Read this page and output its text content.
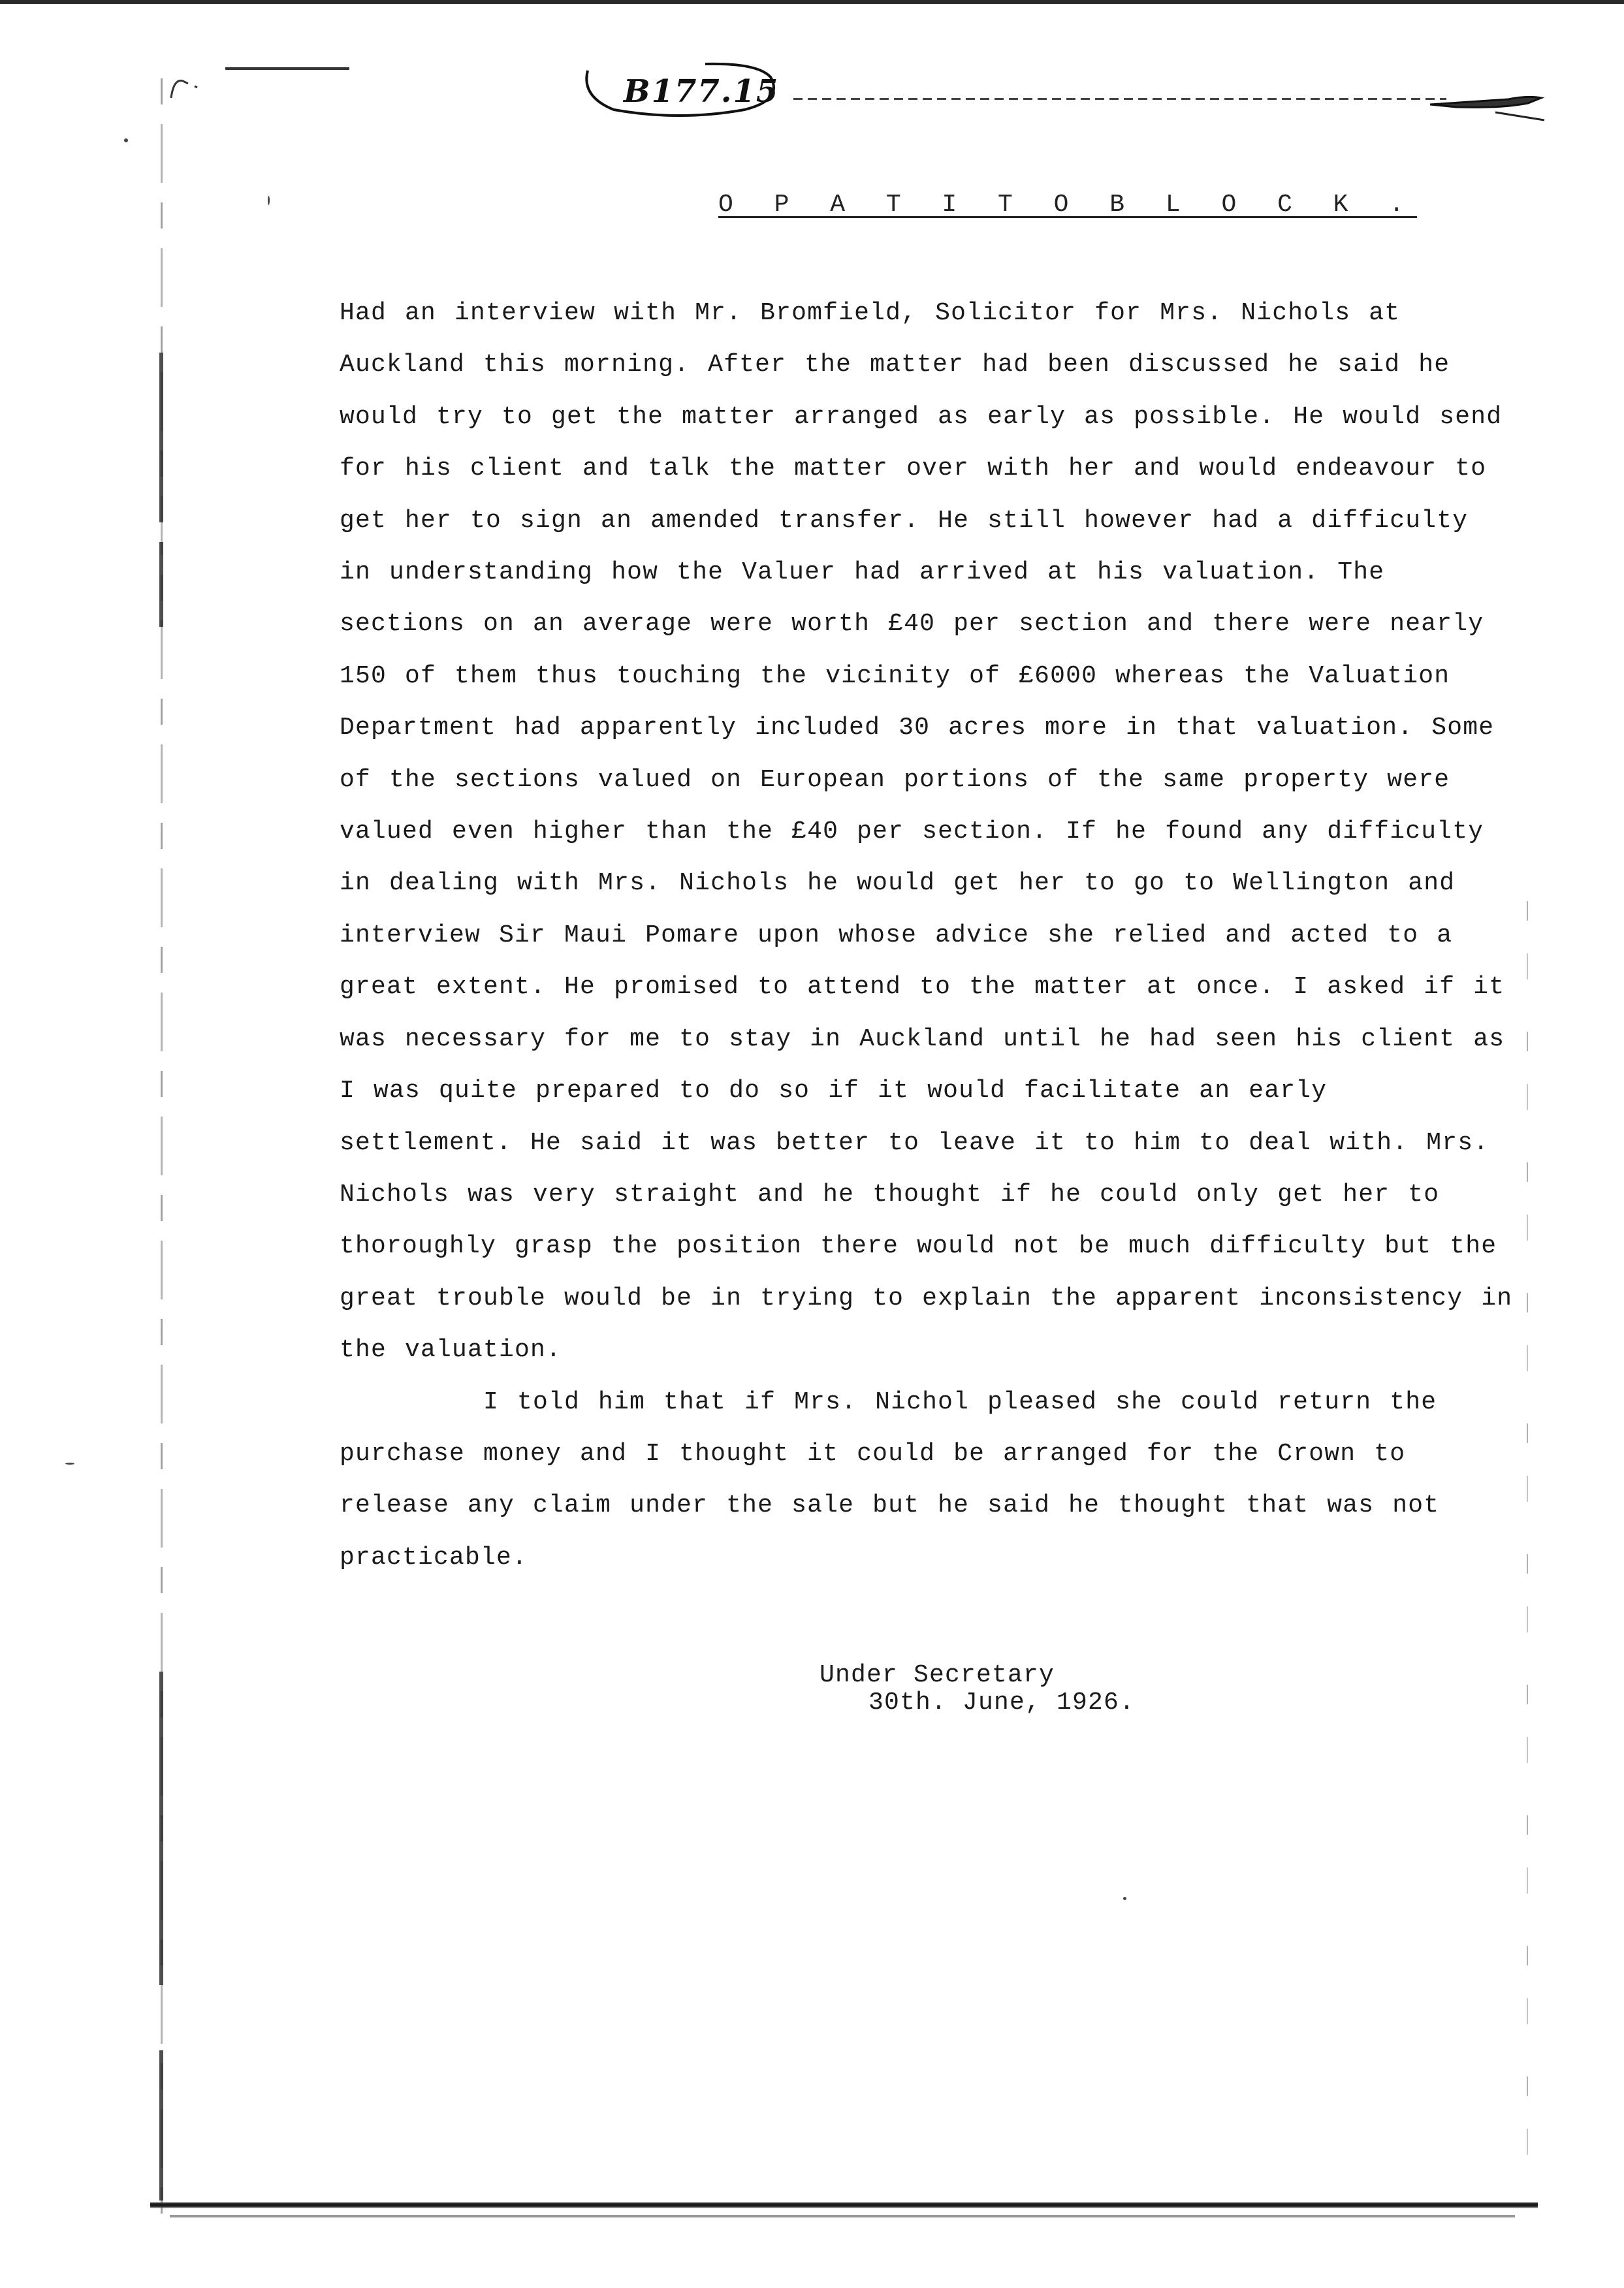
B177.15
O P A T I T O B L O C K .

Had an interview with Mr. Bromfield, Solicitor for Mrs. Nichols at Auckland this morning. After the matter had been discussed he said he would try to get the matter arranged as early as possible. He would send for his client and talk the matter over with her and would endeavour to get her to sign an amended transfer. He still however had a difficulty in understanding how the Valuer had arrived at his valuation. The sections on an average were worth £40 per section and there were nearly 150 of them thus touching the vicinity of £6000 whereas the Valuation Department had apparently included 30 acres more in that valuation. Some of the sections valued on European portions of the same property were valued even higher than the £40 per section. If he found any difficulty in dealing with Mrs. Nichols he would get her to go to Wellington and interview Sir Maui Pomare upon whose advice she relied and acted to a great extent. He promised to attend to the matter at once. I asked if it was necessary for me to stay in Auckland until he had seen his client as I was quite prepared to do so if it would facilitate an early settlement. He said it was better to leave it to him to deal with. Mrs. Nichols was very straight and he thought if he could only get her to thoroughly grasp the position there would not be much difficulty but the great trouble would be in trying to explain the apparent inconsistency in the valuation.

I told him that if Mrs. Nichol pleased she could return the purchase money and I thought it could be arranged for the Crown to release any claim under the sale but he said he thought that was not practicable.

Under Secretary
30th. June, 1926.
